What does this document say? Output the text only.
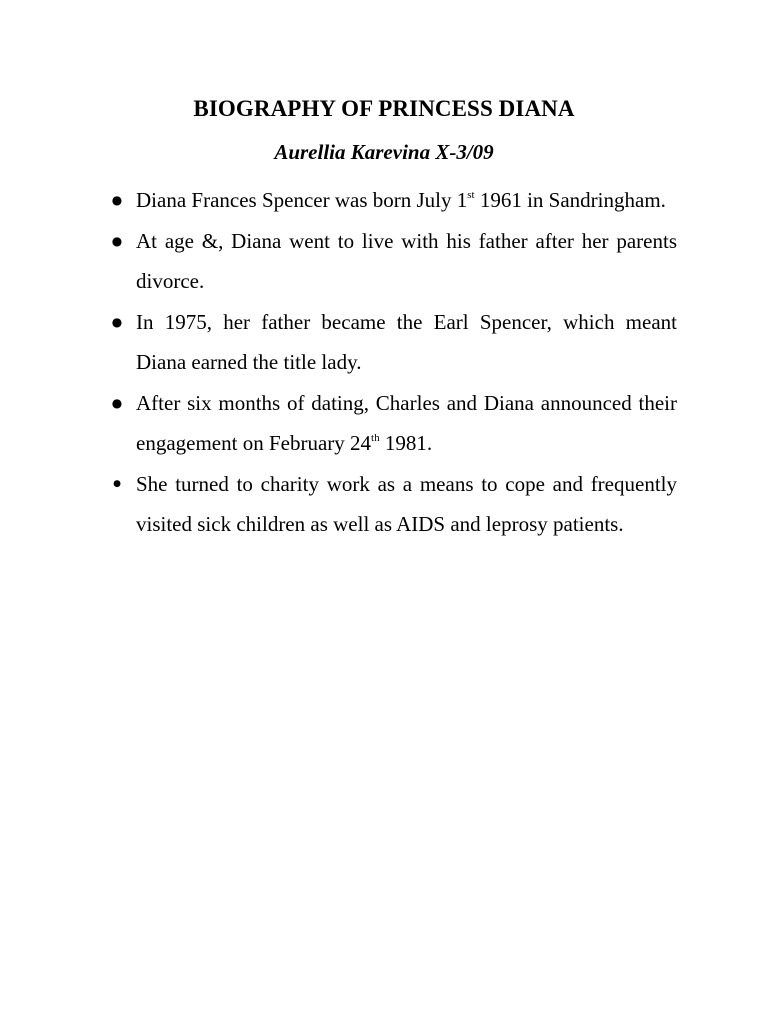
BIOGRAPHY OF PRINCESS DIANA
Aurellia Karevina X-3/09
● Diana Frances Spencer was born July 1st 1961 in Sandringham.
● At age &, Diana went to live with his father after her parents divorce.
● In 1975, her father became the Earl Spencer, which meant Diana earned the title lady.
● After six months of dating, Charles and Diana announced their engagement on February 24th 1981.
● She turned to charity work as a means to cope and frequently visited sick children as well as AIDS and leprosy patients.
